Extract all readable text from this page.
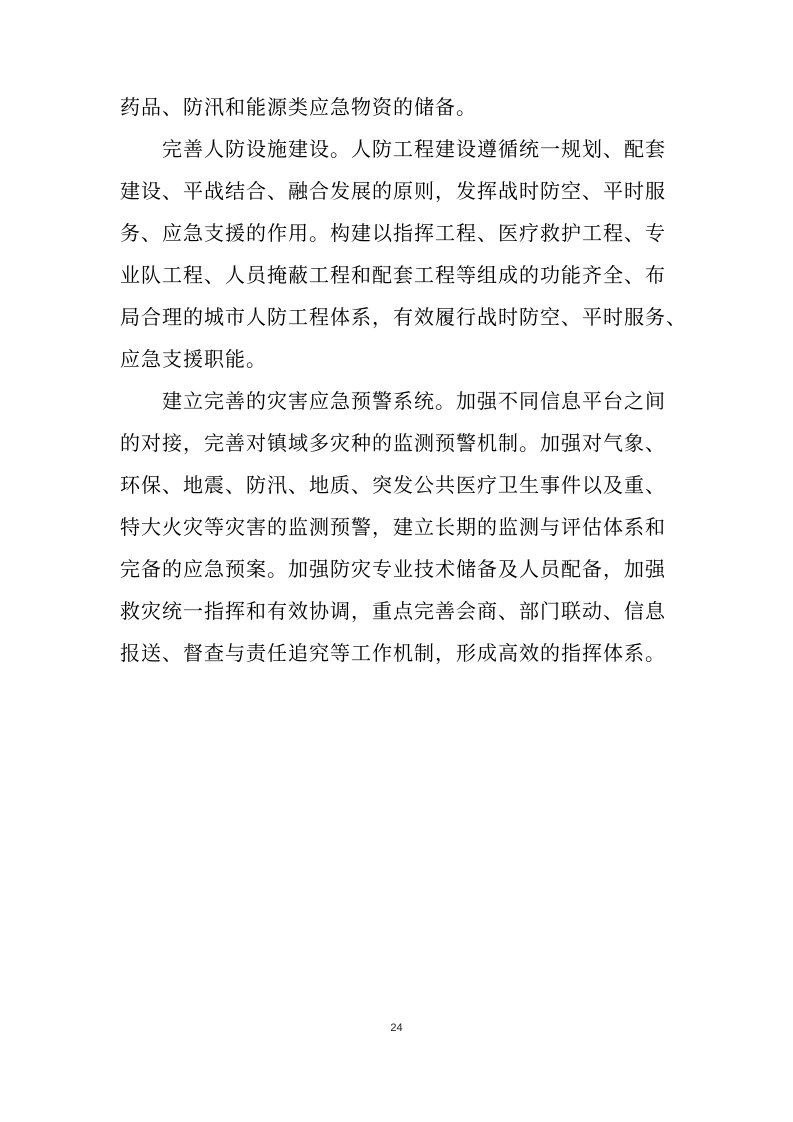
药品、防汛和能源类应急物资的储备。
　　完善人防设施建设。人防工程建设遵循统一规划、配套
建设、平战结合、融合发展的原则，发挥战时防空、平时服
务、应急支援的作用。构建以指挥工程、医疗救护工程、专
业队工程、人员掩蔽工程和配套工程等组成的功能齐全、布
局合理的城市人防工程体系，有效履行战时防空、平时服务、
应急支援职能。
　　建立完善的灾害应急预警系统。加强不同信息平台之间
的对接，完善对镇域多灾种的监测预警机制。加强对气象、
环保、地震、防汛、地质、突发公共医疗卫生事件以及重、
特大火灾等灾害的监测预警，建立长期的监测与评估体系和
完备的应急预案。加强防灾专业技术储备及人员配备，加强
救灾统一指挥和有效协调，重点完善会商、部门联动、信息
报送、督查与责任追究等工作机制，形成高效的指挥体系。
24
